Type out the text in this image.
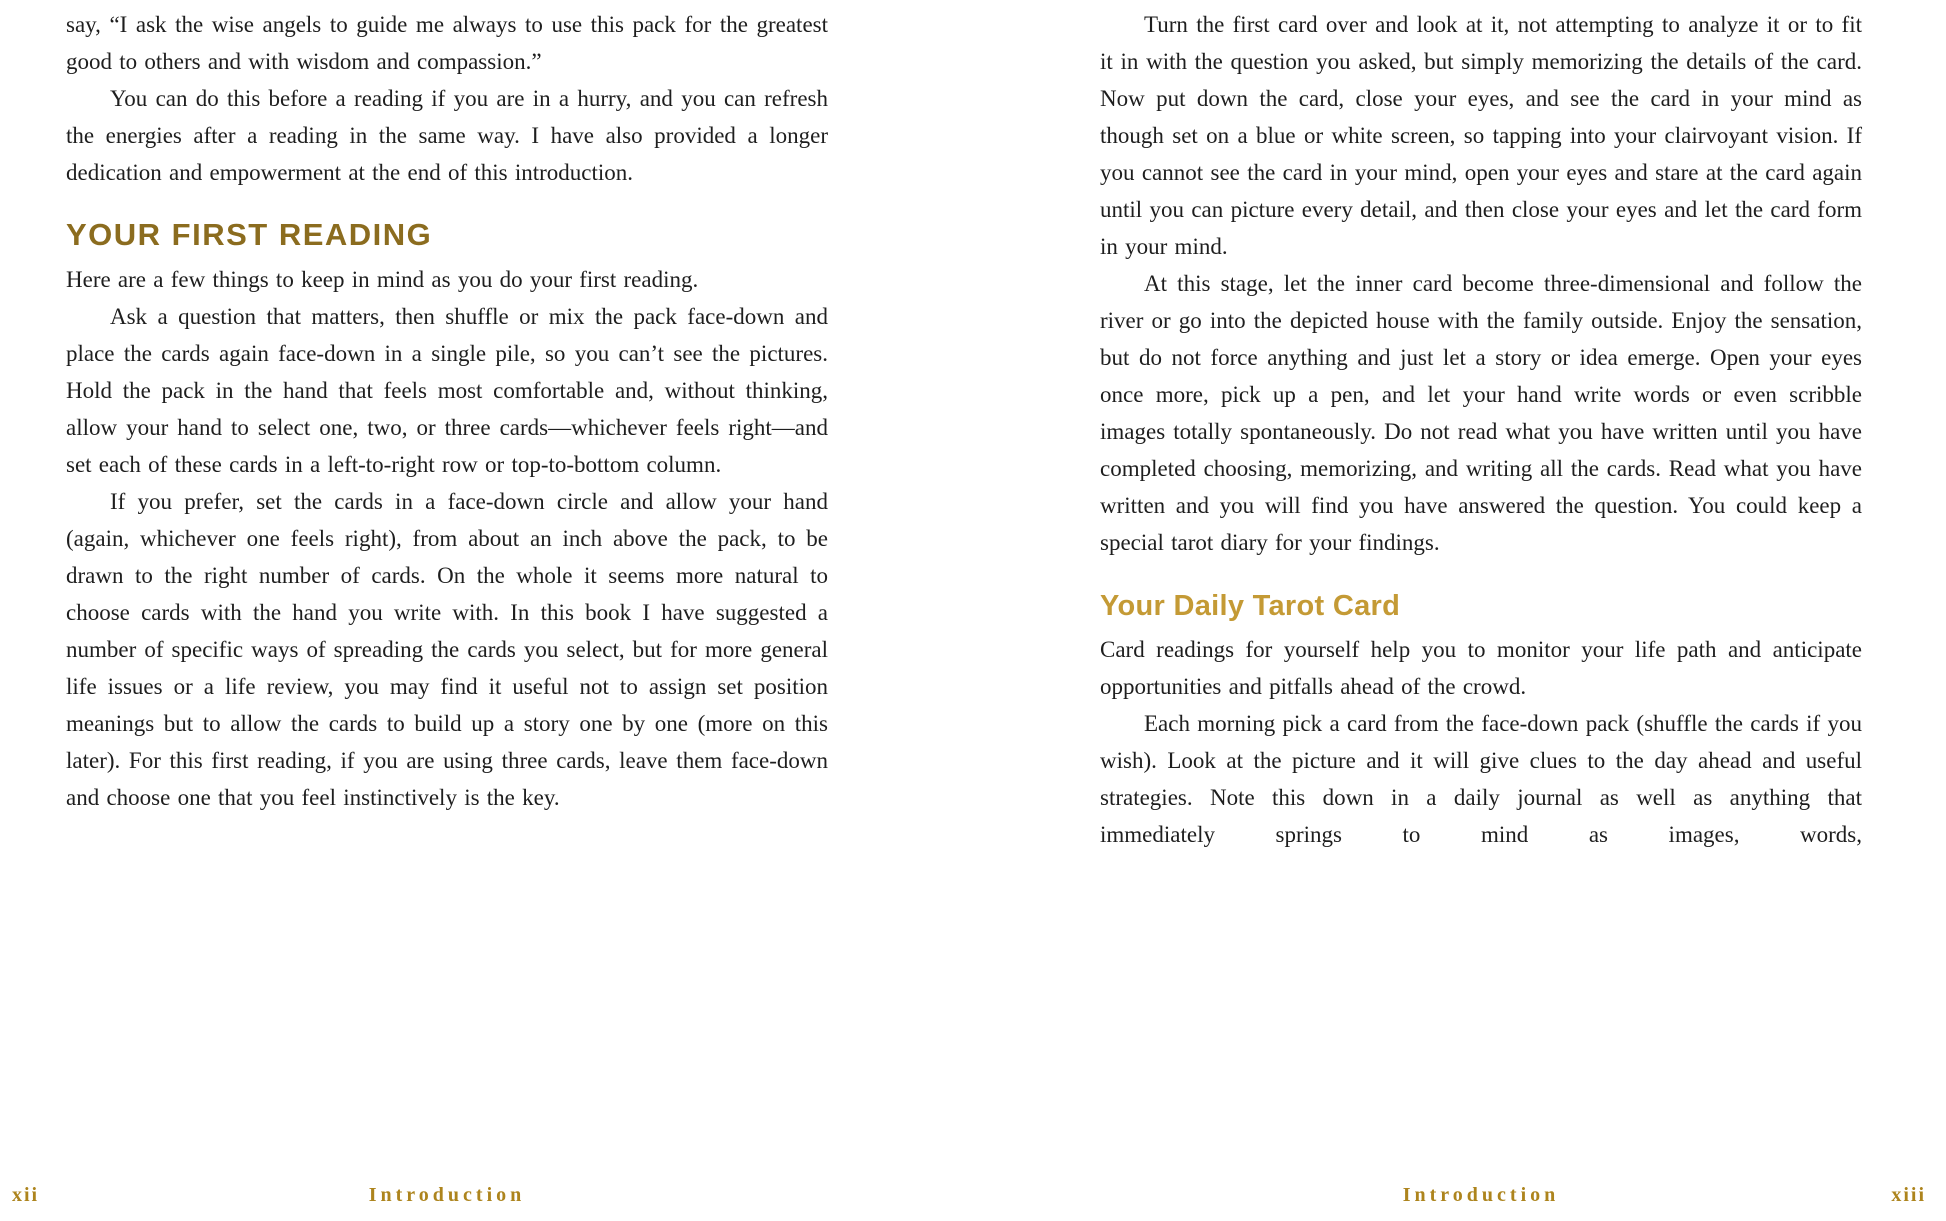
say, “I ask the wise angels to guide me always to use this pack for the greatest good to others and with wisdom and compassion.”

You can do this before a reading if you are in a hurry, and you can refresh the energies after a reading in the same way. I have also provided a longer dedication and empowerment at the end of this introduction.

YOUR FIRST READING

Here are a few things to keep in mind as you do your first reading.

Ask a question that matters, then shuffle or mix the pack face-down and place the cards again face-down in a single pile, so you can’t see the pictures. Hold the pack in the hand that feels most comfortable and, without thinking, allow your hand to select one, two, or three cards—whichever feels right—and set each of these cards in a left-to-right row or top-to-bottom column.

If you prefer, set the cards in a face-down circle and allow your hand (again, whichever one feels right), from about an inch above the pack, to be drawn to the right number of cards. On the whole it seems more natural to choose cards with the hand you write with. In this book I have suggested a number of specific ways of spreading the cards you select, but for more general life issues or a life review, you may find it useful not to assign set position meanings but to allow the cards to build up a story one by one (more on this later). For this first reading, if you are using three cards, leave them face-down and choose one that you feel instinctively is the key.

Turn the first card over and look at it, not attempting to analyze it or to fit it in with the question you asked, but simply memorizing the details of the card. Now put down the card, close your eyes, and see the card in your mind as though set on a blue or white screen, so tapping into your clairvoyant vision. If you cannot see the card in your mind, open your eyes and stare at the card again until you can picture every detail, and then close your eyes and let the card form in your mind.

At this stage, let the inner card become three-dimensional and follow the river or go into the depicted house with the family outside. Enjoy the sensation, but do not force anything and just let a story or idea emerge. Open your eyes once more, pick up a pen, and let your hand write words or even scribble images totally spontaneously. Do not read what you have written until you have completed choosing, memorizing, and writing all the cards. Read what you have written and you will find you have answered the question. You could keep a special tarot diary for your findings.

Your Daily Tarot Card

Card readings for yourself help you to monitor your life path and anticipate opportunities and pitfalls ahead of the crowd.

Each morning pick a card from the face-down pack (shuffle the cards if you wish). Look at the picture and it will give clues to the day ahead and useful strategies. Note this down in a daily journal as well as anything that immediately springs to mind as images, words,

xii	Introduction	Introduction	xiii
